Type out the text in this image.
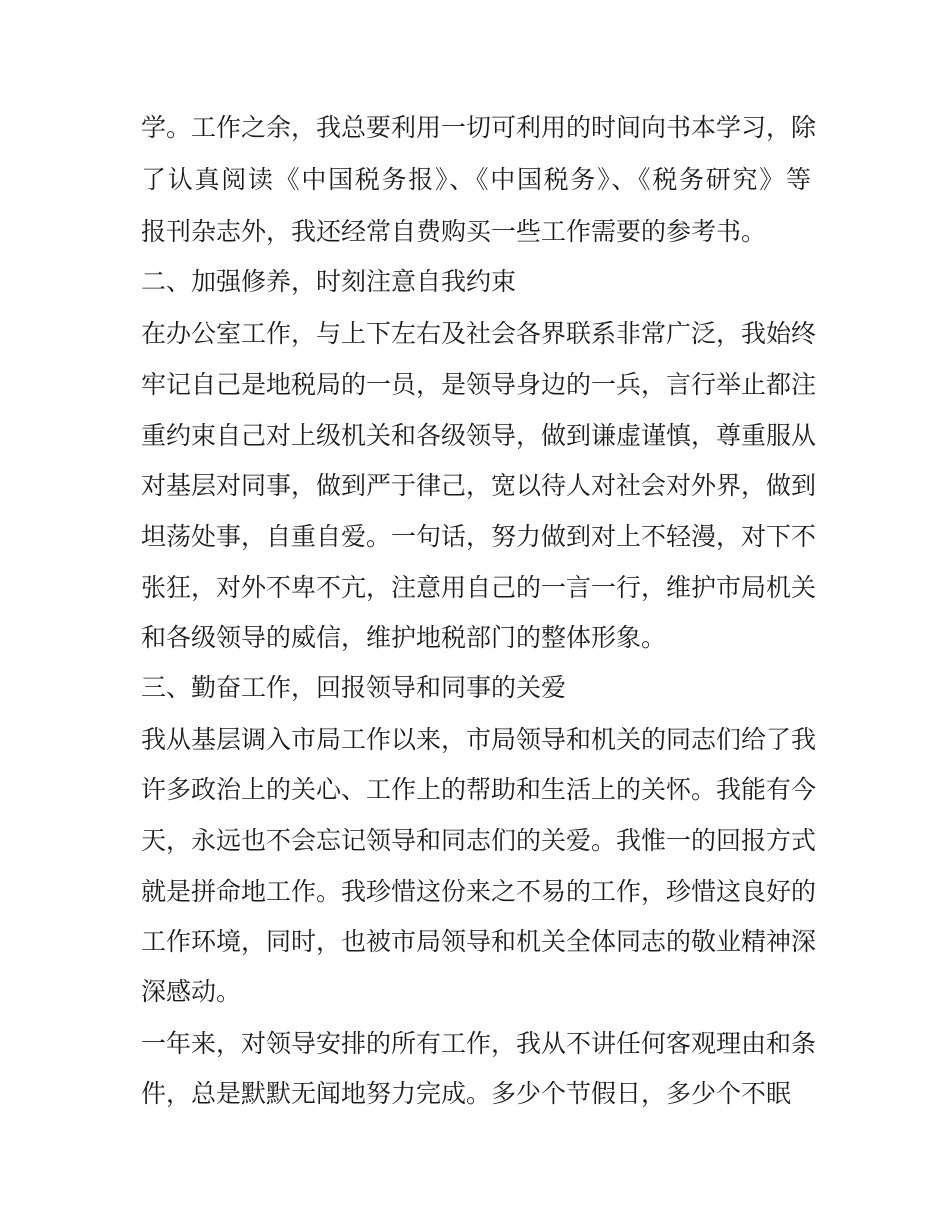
学。工作之余，我总要利用一切可利用的时间向书本学习，除

了认真阅读《中国税务报》、《中国税务》、《税务研究》等

报刊杂志外，我还经常自费购买一些工作需要的参考书。

二、加强修养，时刻注意自我约束

在办公室工作，与上下左右及社会各界联系非常广泛，我始终

牢记自己是地税局的一员，是领导身边的一兵，言行举止都注

重约束自己对上级机关和各级领导，做到谦虚谨慎，尊重服从

对基层对同事，做到严于律己，宽以待人对社会对外界，做到

坦荡处事，自重自爱。一句话，努力做到对上不轻漫，对下不

张狂，对外不卑不亢，注意用自己的一言一行，维护市局机关

和各级领导的威信，维护地税部门的整体形象。

三、勤奋工作，回报领导和同事的关爱

我从基层调入市局工作以来，市局领导和机关的同志们给了我

许多政治上的关心、工作上的帮助和生活上的关怀。我能有今

天，永远也不会忘记领导和同志们的关爱。我惟一的回报方式

就是拼命地工作。我珍惜这份来之不易的工作，珍惜这良好的

工作环境，同时，也被市局领导和机关全体同志的敬业精神深

深感动。

一年来，对领导安排的所有工作，我从不讲任何客观理由和条

件，总是默默无闻地努力完成。多少个节假日，多少个不眠
